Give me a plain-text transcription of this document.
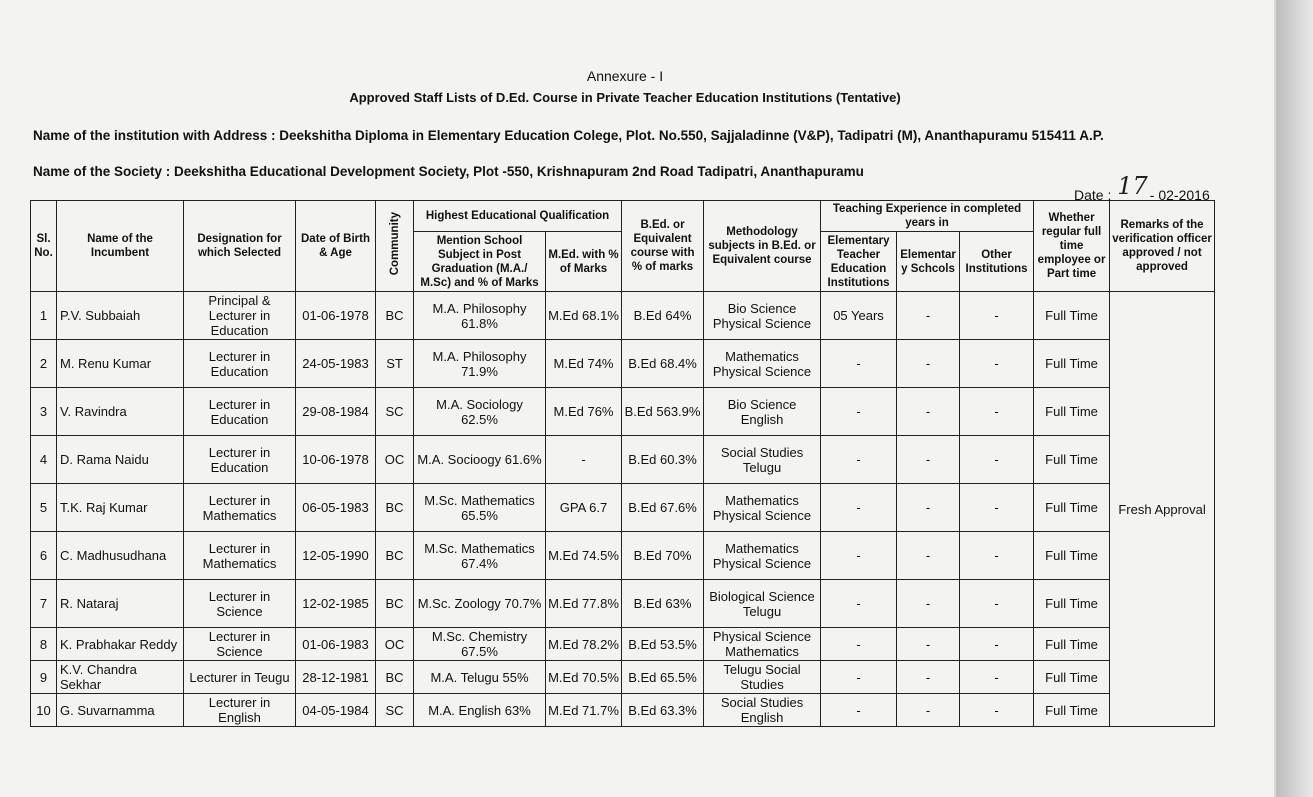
Annexure - I
Approved Staff Lists of D.Ed. Course in Private Teacher Education Institutions (Tentative)
Name of the institution with Address : Deekshitha Diploma in Elementary Education Colege, Plot. No.550, Sajjaladinne (V&P), Tadipatri (M), Ananthapuramu 515411 A.P.
Name of the Society : Deekshitha Educational Development Society, Plot -550, Krishnapuram 2nd Road Tadipatri, Ananthapuramu
Date : 17 - 02-2016
Sl. No.	Name of the Incumbent	Designation for which Selected	Date of Birth & Age	Community	Highest Educational Qualification		B.Ed. or Equivalent course with % of marks	Methodology subjects in B.Ed. or Equivalent course	Teaching Experience in completed years in			Whether regular full time employee or Part time	Remarks of the verification officer approved / not approved
					Mention School Subject in Post Graduation (M.A./ M.Sc) and % of Marks	M.Ed. with % of Marks			Elementary Teacher Education Institutions	Elementar y Schcols	Other Institutions		
1	P.V. Subbaiah	Principal & Lecturer in Education	01-06-1978	BC	M.A. Philosophy 61.8%	M.Ed 68.1%	B.Ed 64%	Bio Science Physical Science	05 Years	-	-	Full Time	Fresh Approval
2	M. Renu Kumar	Lecturer in Education	24-05-1983	ST	M.A. Philosophy 71.9%	M.Ed 74%	B.Ed 68.4%	Mathematics Physical Science	-	-	-	Full Time	
3	V. Ravindra	Lecturer in Education	29-08-1984	SC	M.A. Sociology 62.5%	M.Ed 76%	B.Ed 563.9%	Bio Science English	-	-	-	Full Time	
4	D. Rama Naidu	Lecturer in Education	10-06-1978	OC	M.A. Socioogy 61.6%	-	B.Ed 60.3%	Social Studies Telugu	-	-	-	Full Time	
5	T.K. Raj Kumar	Lecturer in Mathematics	06-05-1983	BC	M.Sc. Mathematics 65.5%	GPA 6.7	B.Ed 67.6%	Mathematics Physical Science	-	-	-	Full Time	
6	C. Madhusudhana	Lecturer in Mathematics	12-05-1990	BC	M.Sc. Mathematics 67.4%	M.Ed 74.5%	B.Ed 70%	Mathematics Physical Science	-	-	-	Full Time	
7	R. Nataraj	Lecturer in Science	12-02-1985	BC	M.Sc. Zoology 70.7%	M.Ed 77.8%	B.Ed 63%	Biological Science Telugu	-	-	-	Full Time	
8	K. Prabhakar Reddy	Lecturer in Science	01-06-1983	OC	M.Sc. Chemistry 67.5%	M.Ed 78.2%	B.Ed 53.5%	Physical Science Mathematics	-	-	-	Full Time	
9	K.V. Chandra Sekhar	Lecturer in Teugu	28-12-1981	BC	M.A. Telugu 55%	M.Ed 70.5%	B.Ed 65.5%	Telugu Social Studies	-	-	-	Full Time	
10	G. Suvarnamma	Lecturer in English	04-05-1984	SC	M.A. English 63%	M.Ed 71.7%	B.Ed 63.3%	Social Studies English	-	-	-	Full Time	
